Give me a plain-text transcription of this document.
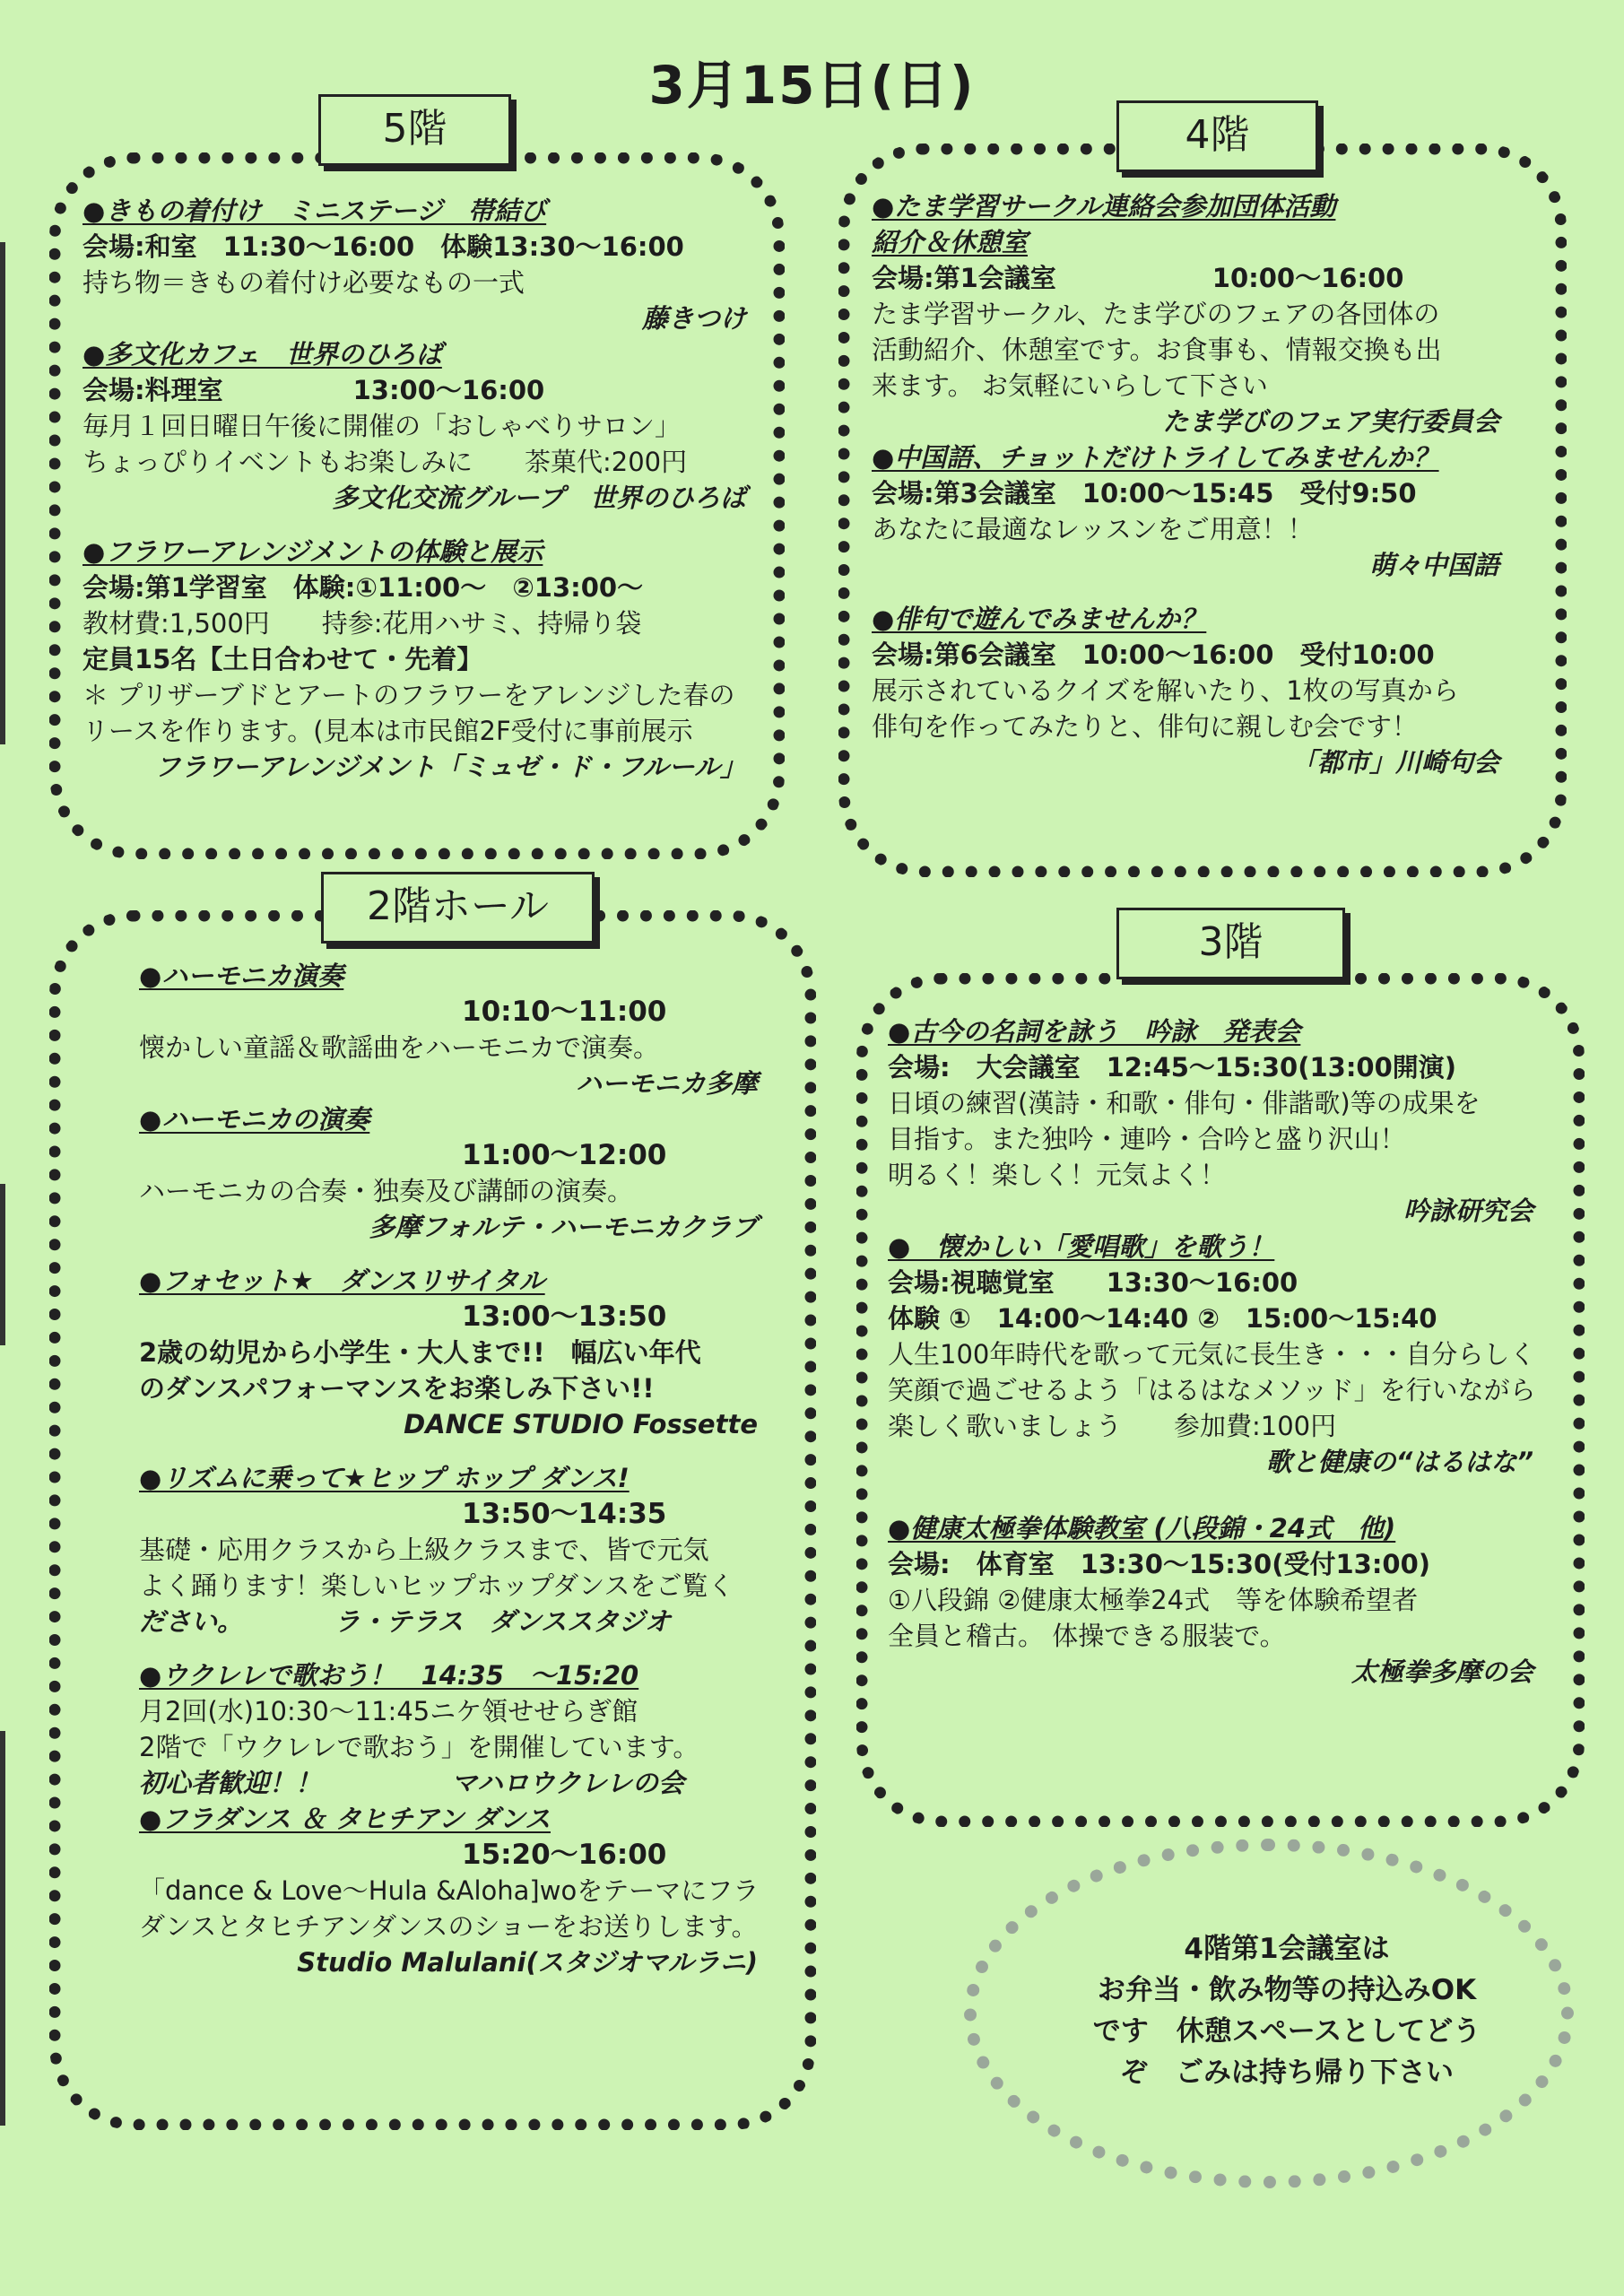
3月15日(日)
5階	4階
2階ホール
3階
●きもの着付け　ミニステージ　帯結び
会場:和室　11:30〜16:00　体験13:30〜16:00
持ち物＝きもの着付け必要なもの一式
藤きつけ
●多文化カフェ　世界のひろば
会場:料理室　　　　　13:00〜16:00
毎月１回日曜日午後に開催の「おしゃべりサロン」
ちょっぴりイベントもお楽しみに　　茶菓代:200円
多文化交流グループ　世界のひろば
●フラワーアレンジメントの体験と展示
会場:第1学習室　体験:①11:00〜　②13:00〜
教材費:1,500円　　持参:花用ハサミ、持帰り袋
定員15名【土日合わせて・先着】
＊ プリザーブドとアートのフラワーをアレンジした春の
リースを作ります。(見本は市民館2F受付に事前展示
フラワーアレンジメント「ミュゼ・ド・フルール」
●たま学習サークル連絡会参加団体活動
紹介＆休憩室
会場:第1会議室　　　　　　10:00〜16:00
たま学習サークル、たま学びのフェアの各団体の
活動紹介、休憩室です。お食事も、情報交換も出
来ます。 お気軽にいらして下さい
たま学びのフェア実行委員会
●中国語、チョットだけトライしてみませんか？
会場:第3会議室　10:00〜15:45　受付9:50
あなたに最適なレッスンをご用意！！
萌々中国語
●俳句で遊んでみませんか？
会場:第6会議室　10:00〜16:00　受付10:00
展示されているクイズを解いたり、1枚の写真から
俳句を作ってみたりと、俳句に親しむ会です！
「都市」川崎句会
●ハーモニカ演奏
10:10〜11:00
懐かしい童謡＆歌謡曲をハーモニカで演奏。
ハーモニカ多摩
●ハーモニカの演奏
11:00〜12:00
ハーモニカの合奏・独奏及び講師の演奏。
多摩フォルテ・ハーモニカクラブ
●フォセット★　ダンスリサイタル
13:00〜13:50
2歳の幼児から小学生・大人まで!!　幅広い年代
のダンスパフォーマンスをお楽しみ下さい!!
DANCE STUDIO Fossette
●リズムに乗って★ヒップ ホップ ダンス!
13:50〜14:35
基礎・応用クラスから上級クラスまで、皆で元気
よく踊ります！楽しいヒップホップダンスをご覧く
ださい。　　　　ラ・テラス　ダンススタジオ
●ウクレレで歌おう！　14:35　〜15:20
月2回(水)10:30〜11:45ニケ領せせらぎ館
2階で「ウクレレで歌おう」を開催しています。
初心者歓迎！！　　　　　マハロウクレレの会
●フラダンス ＆ タヒチアン ダンス
15:20〜16:00
「dance & Love〜Hula &Aloha]woをテーマにフラ
ダンスとタヒチアンダンスのショーをお送りします。
Studio Malulani(スタジオマルラニ)
●古今の名詞を詠う　吟詠　発表会
会場:　大会議室　12:45〜15:30(13:00開演)
日頃の練習(漢詩・和歌・俳句・俳諧歌)等の成果を
目指す。また独吟・連吟・合吟と盛り沢山！
明るく！楽しく！元気よく！
吟詠研究会
●　懐かしい「愛唱歌」を歌う！
会場:視聴覚室　　13:30〜16:00
体験 ①　14:00〜14:40 ②　15:00〜15:40
人生100年時代を歌って元気に長生き・・・自分らしく
笑顔で過ごせるよう「はるはなメソッド」を行いながら
楽しく歌いましょう　　参加費:100円
歌と健康の“はるはな”
●健康太極拳体験教室 (八段錦・24式　他)
会場:　体育室　13:30〜15:30(受付13:00)
①八段錦 ②健康太極拳24式　等を体験希望者
全員と稽古。 体操できる服装で。
太極拳多摩の会
4階第1会議室は
お弁当・飲み物等の持込みOK
です　休憩スペースとしてどう
ぞ　ごみは持ち帰り下さい
